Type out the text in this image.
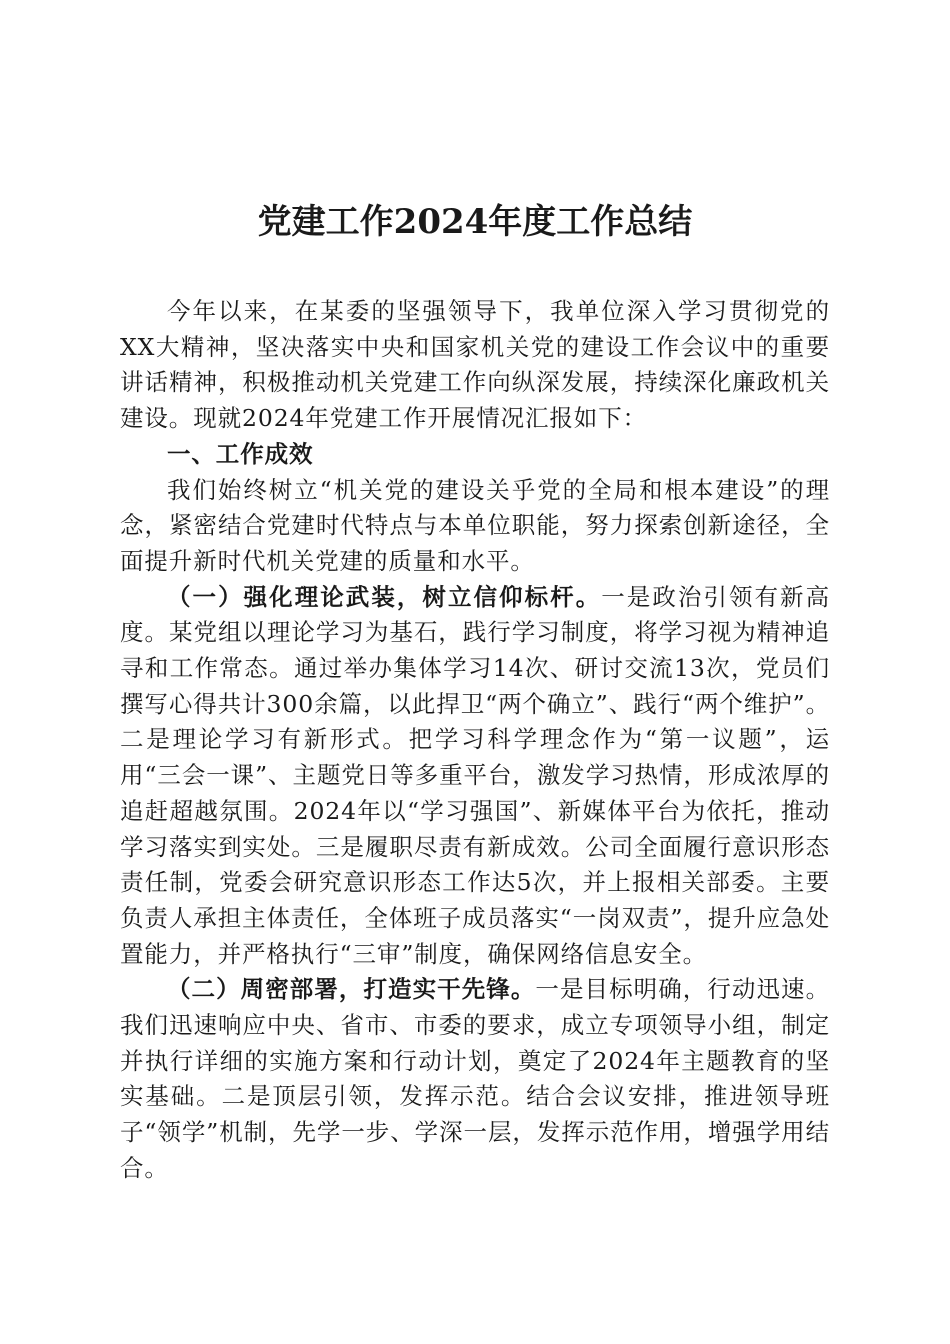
党建工作2024年度工作总结

今年以来，在某委的坚强领导下，我单位深入学习贯彻党的XX大精神，坚决落实中央和国家机关党的建设工作会议中的重要讲话精神，积极推动机关党建工作向纵深发展，持续深化廉政机关建设。现就2024年党建工作开展情况汇报如下：

一、工作成效

我们始终树立“机关党的建设关乎党的全局和根本建设”的理念，紧密结合党建时代特点与本单位职能，努力探索创新途径，全面提升新时代机关党建的质量和水平。

（一）强化理论武装，树立信仰标杆。一是政治引领有新高度。某党组以理论学习为基石，践行学习制度，将学习视为精神追寻和工作常态。通过举办集体学习14次、研讨交流13次，党员们撰写心得共计300余篇，以此捍卫“两个确立”、践行“两个维护”。二是理论学习有新形式。把学习科学理念作为“第一议题”，运用“三会一课”、主题党日等多重平台，激发学习热情，形成浓厚的追赶超越氛围。2024年以“学习强国”、新媒体平台为依托，推动学习落实到实处。三是履职尽责有新成效。公司全面履行意识形态责任制，党委会研究意识形态工作达5次，并上报相关部委。主要负责人承担主体责任，全体班子成员落实“一岗双责”，提升应急处置能力，并严格执行“三审”制度，确保网络信息安全。

（二）周密部署，打造实干先锋。一是目标明确，行动迅速。我们迅速响应中央、省市、市委的要求，成立专项领导小组，制定并执行详细的实施方案和行动计划，奠定了2024年主题教育的坚实基础。二是顶层引领，发挥示范。结合会议安排，推进领导班子“领学”机制，先学一步、学深一层，发挥示范作用，增强学用结合。
